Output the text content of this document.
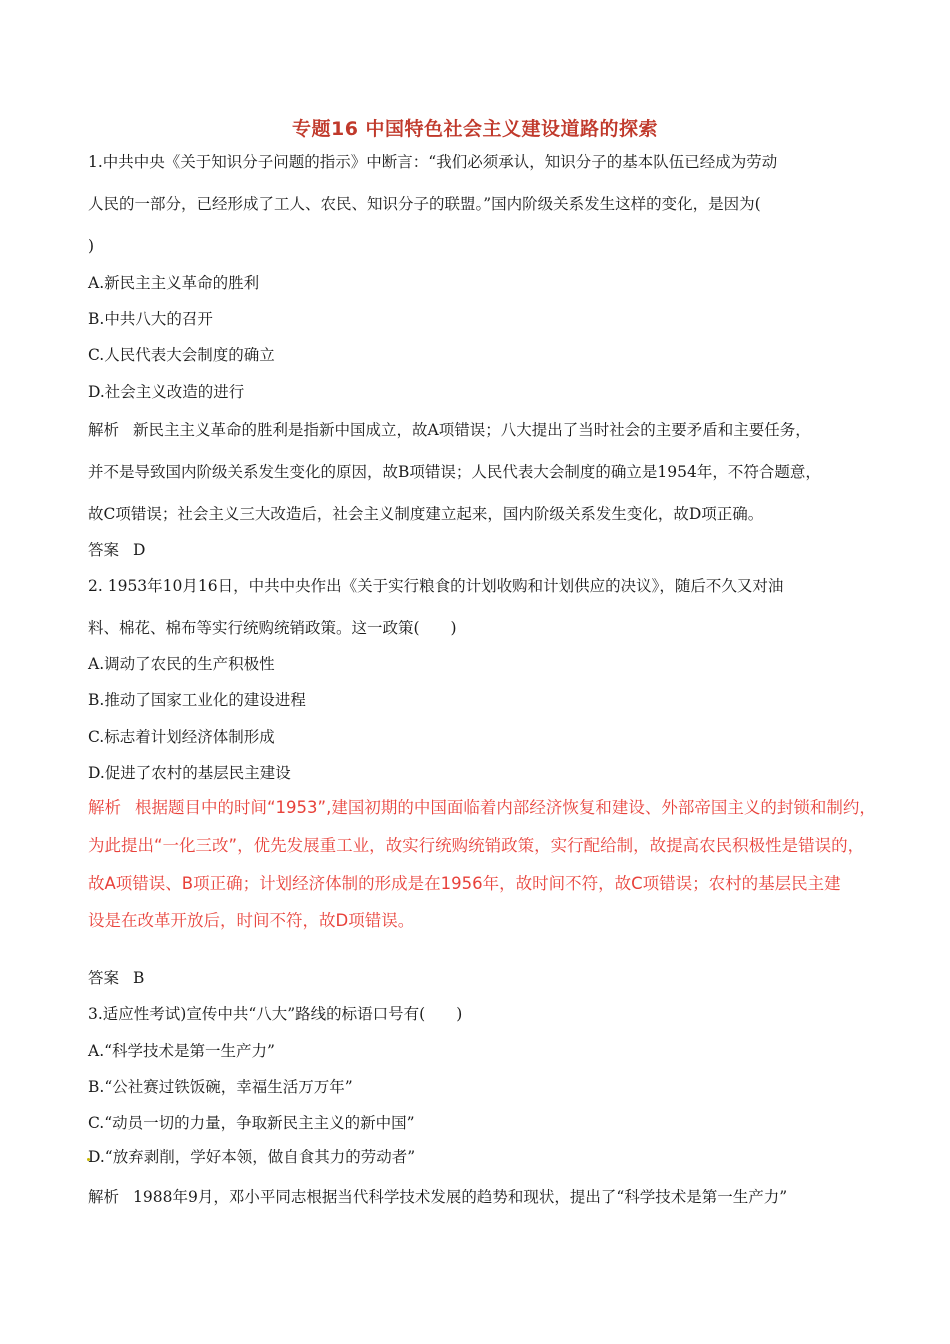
专题16 中国特色社会主义建设道路的探索
1.中共中央《关于知识分子问题的指示》中断言：“我们必须承认，知识分子的基本队伍已经成为劳动
人民的一部分，已经形成了工人、农民、知识分子的联盟。”国内阶级关系发生这样的变化，是因为(
)
A.新民主主义革命的胜利
B.中共八大的召开
C.人民代表大会制度的确立
D.社会主义改造的进行
解析 新民主主义革命的胜利是指新中国成立，故A项错误；八大提出了当时社会的主要矛盾和主要任务，
并不是导致国内阶级关系发生变化的原因，故B项错误；人民代表大会制度的确立是1954年，不符合题意，
故C项错误；社会主义三大改造后，社会主义制度建立起来，国内阶级关系发生变化，故D项正确。
答案 D
2. 1953年10月16日，中共中央作出《关于实行粮食的计划收购和计划供应的决议》，随后不久又对油
料、棉花、棉布等实行统购统销政策。这一政策(　　)
A.调动了农民的生产积极性
B.推动了国家工业化的建设进程
C.标志着计划经济体制形成
D.促进了农村的基层民主建设
解析 根据题目中的时间“1953”,建国初期的中国面临着内部经济恢复和建设、外部帝国主义的封锁和制约，
为此提出“一化三改”，优先发展重工业，故实行统购统销政策，实行配给制，故提高农民积极性是错误的，
故A项错误、B项正确；计划经济体制的形成是在1956年，故时间不符，故C项错误；农村的基层民主建
设是在改革开放后，时间不符，故D项错误。
答案 B
3.适应性考试)宣传中共“八大”路线的标语口号有(　　)
A.“科学技术是第一生产力”
B.“公社赛过铁饭碗，幸福生活万万年”
C.“动员一切的力量，争取新民主主义的新中国”
D.“放弃剥削，学好本领，做自食其力的劳动者”
解析 1988年9月，邓小平同志根据当代科学技术发展的趋势和现状，提出了“科学技术是第一生产力”
